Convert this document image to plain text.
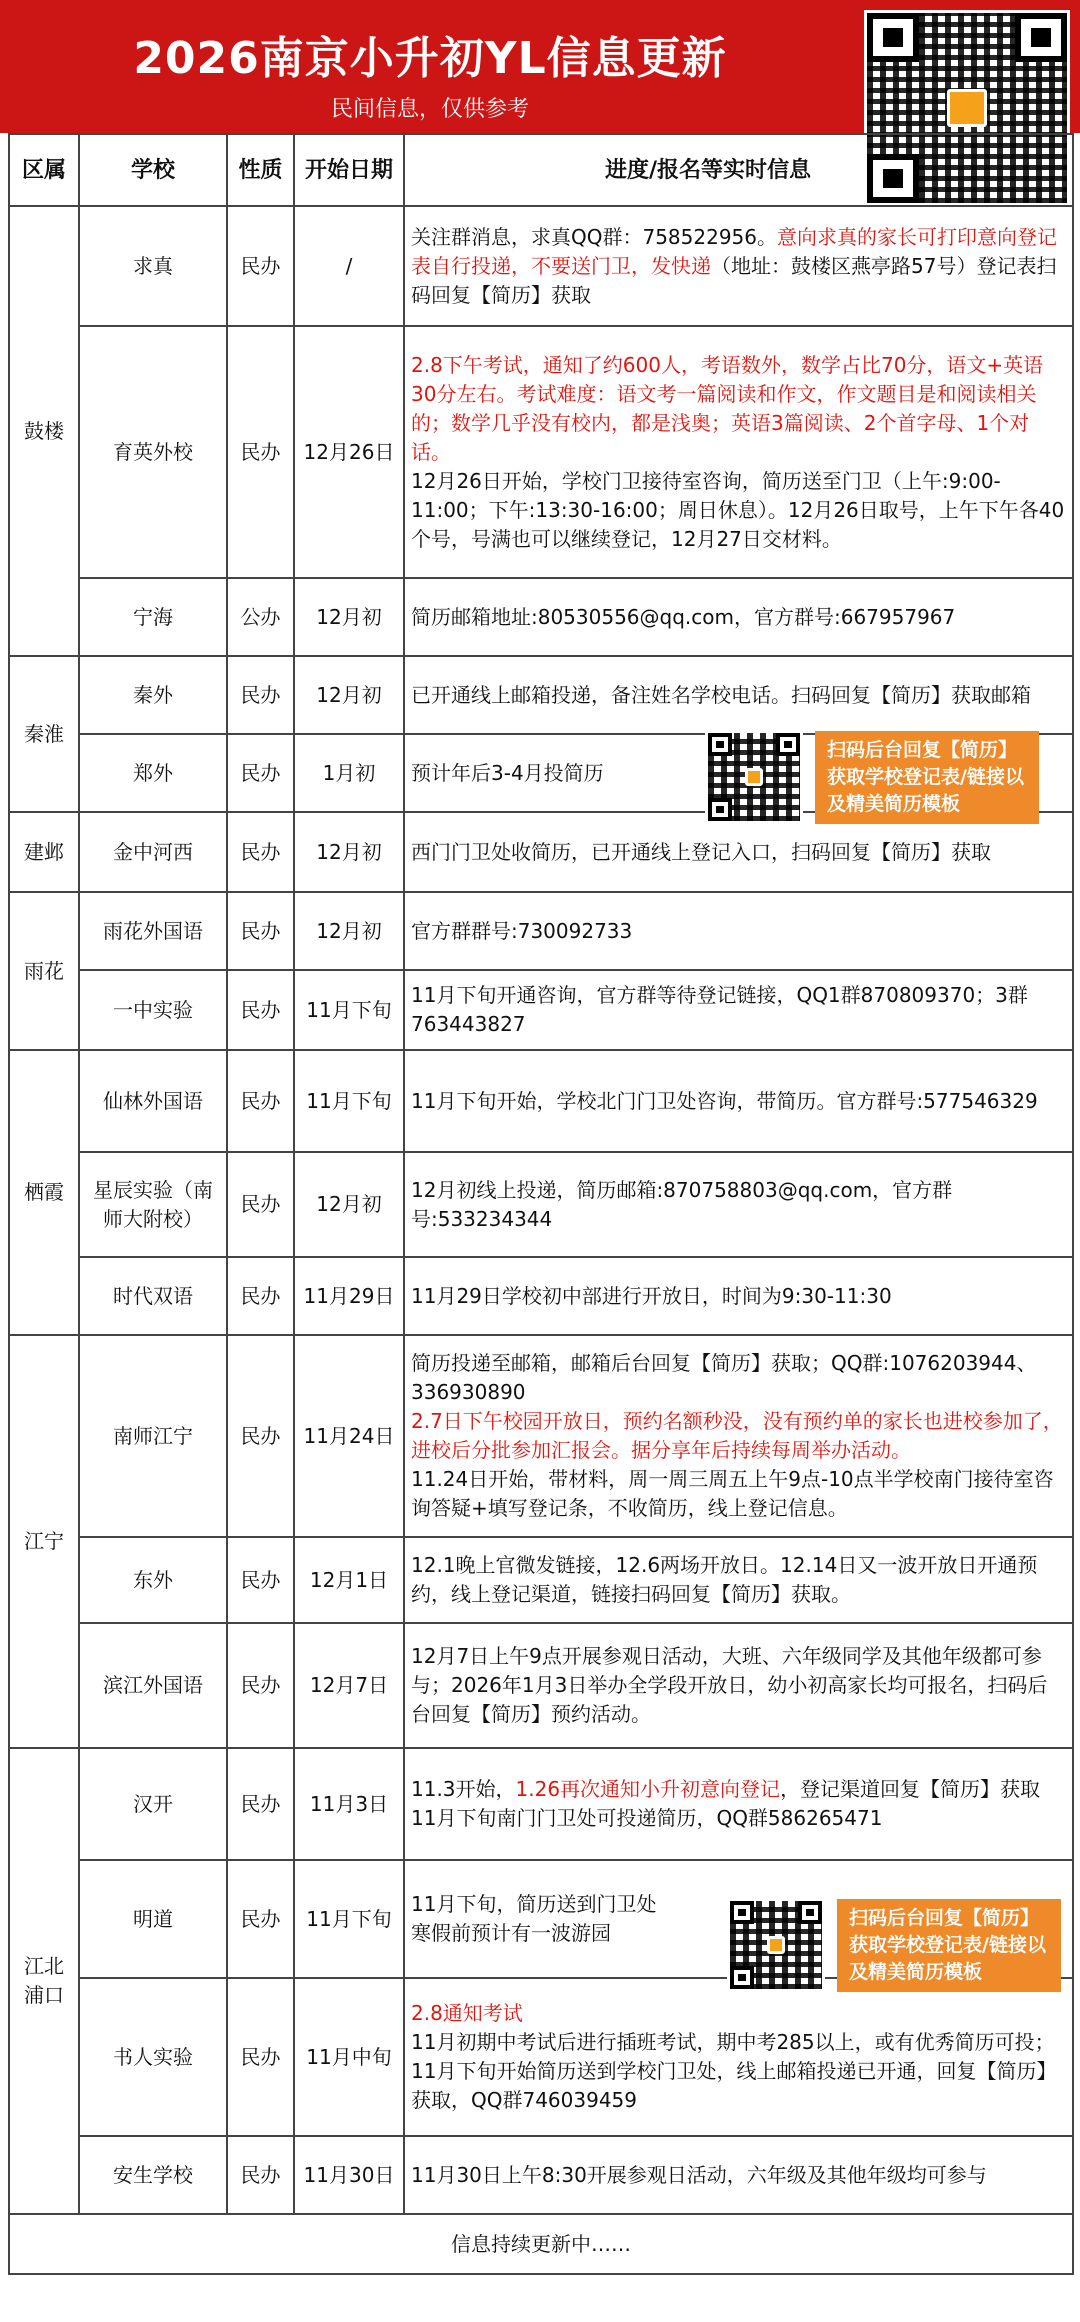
2026南京小升初YL信息更新
民间信息，仅供参考
区属	学校	性质	开始日期	进度/报名等实时信息
鼓楼	求真	民办	/	关注群消息，求真QQ群：758522956。意向求真的家长可打印意向登记表自行投递，不要送门卫，发快递（地址：鼓楼区燕亭路57号）登记表扫码回复【简历】获取
	育英外校	民办	12月26日	2.8下午考试，通知了约600人，考语数外，数学占比70分，语文+英语30分左右。考试难度：语文考一篇阅读和作文，作文题目是和阅读相关的；数学几乎没有校内，都是浅奥；英语3篇阅读、2个首字母、1个对话。
12月26日开始，学校门卫接待室咨询，简历送至门卫（上午:9:00-11:00；下午:13:30-16:00；周日休息）。12月26日取号，上午下午各40个号，号满也可以继续登记，12月27日交材料。
	宁海	公办	12月初	简历邮箱地址:80530556@qq.com，官方群号:667957967
秦淮	秦外	民办	12月初	已开通线上邮箱投递，备注姓名学校电话。扫码回复【简历】获取邮箱
	郑外	民办	1月初	预计年后3-4月投简历
建邺	金中河西	民办	12月初	西门门卫处收简历，已开通线上登记入口，扫码回复【简历】获取
雨花	雨花外国语	民办	12月初	官方群群号:730092733
	一中实验	民办	11月下旬	11月下旬开通咨询，官方群等待登记链接，QQ1群870809370；3群763443827
栖霞	仙林外国语	民办	11月下旬	11月下旬开始，学校北门门卫处咨询，带简历。官方群号:577546329
	星辰实验（南师大附校）	民办	12月初	12月初线上投递，简历邮箱:870758803@qq.com，官方群号:533234344
	时代双语	民办	11月29日	11月29日学校初中部进行开放日，时间为9:30-11:30
江宁	南师江宁	民办	11月24日	简历投递至邮箱，邮箱后台回复【简历】获取；QQ群:1076203944、336930890
2.7日下午校园开放日，预约名额秒没，没有预约单的家长也进校参加了，进校后分批参加汇报会。据分享年后持续每周举办活动。
11.24日开始，带材料，周一周三周五上午9点-10点半学校南门接待室咨询答疑+填写登记条，不收简历，线上登记信息。
	东外	民办	12月1日	12.1晚上官微发链接，12.6两场开放日。12.14日又一波开放日开通预约，线上登记渠道，链接扫码回复【简历】获取。
	滨江外国语	民办	12月7日	12月7日上午9点开展参观日活动，大班、六年级同学及其他年级都可参与；2026年1月3日举办全学段开放日，幼小初高家长均可报名，扫码后台回复【简历】预约活动。
江北浦口	汉开	民办	11月3日	11.3开始，1.26再次通知小升初意向登记，登记渠道回复【简历】获取
11月下旬南门门卫处可投递简历，QQ群586265471
	明道	民办	11月下旬	11月下旬，简历送到门卫处
寒假前预计有一波游园
	书人实验	民办	11月中旬	2.8通知考试
11月初期中考试后进行插班考试，期中考285以上，或有优秀简历可投；
11月下旬开始简历送到学校门卫处，线上邮箱投递已开通，回复【简历】获取，QQ群746039459
	安生学校	民办	11月30日	11月30日上午8:30开展参观日活动，六年级及其他年级均可参与
信息持续更新中……				
扫码后台回复【简历】获取学校登记表/链接以及精美简历模板
扫码后台回复【简历】获取学校登记表/链接以及精美简历模板
